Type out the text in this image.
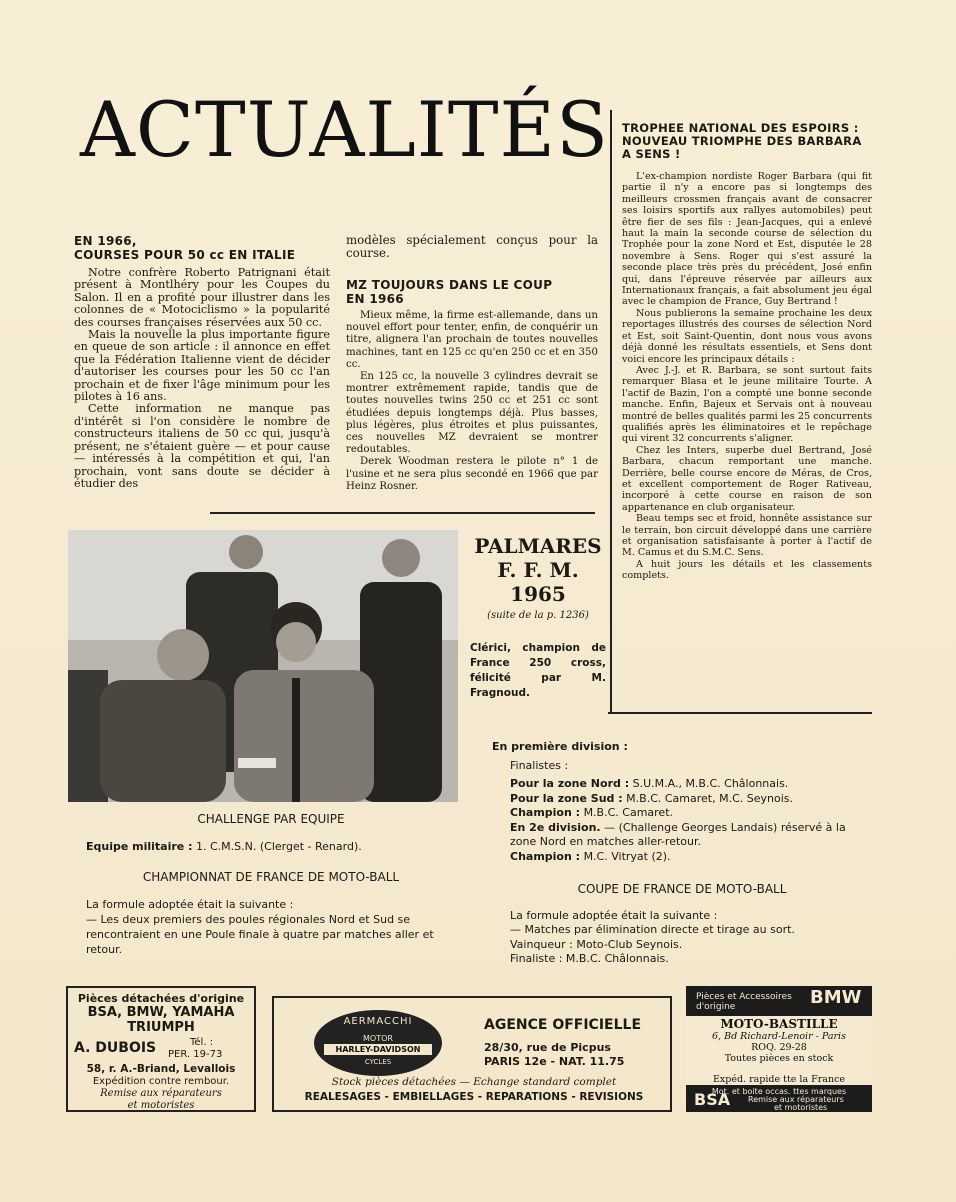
ACTUALITÉS
EN 1966,
COURSES POUR 50 cc EN ITALIE

Notre confrère Roberto Patrignani était présent à Montlhéry pour les Coupes du Salon. Il en a profité pour illustrer dans les colonnes de « Motociclismo » la popularité des courses françaises réservées aux 50 cc.

Mais la nouvelle la plus importante figure en queue de son article : il annonce en effet que la Fédération Italienne vient de décider d'autoriser les courses pour les 50 cc l'an prochain et de fixer l'âge minimum pour les pilotes à 16 ans.

Cette information ne manque pas d'intérêt si l'on considère le nombre de constructeurs italiens de 50 cc qui, jusqu'à présent, ne s'étaient guère — et pour cause — intéressés à la compétition et qui, l'an prochain, vont sans doute se décider à étudier des

modèles spécialement conçus pour la course.
MZ TOUJOURS DANS LE COUP
EN 1966

Mieux même, la firme est-allemande, dans un nouvel effort pour tenter, enfin, de conquérir un titre, alignera l'an prochain de toutes nouvelles machines, tant en 125 cc qu'en 250 cc et en 350 cc.

En 125 cc, la nouvelle 3 cylindres devrait se montrer extrêmement rapide, tandis que de toutes nouvelles twins 250 cc et 251 cc sont étudiées depuis longtemps déjà. Plus basses, plus légères, plus étroites et plus puissantes, ces nouvelles MZ devraient se montrer redoutables.

Derek Woodman restera le pilote n° 1 de l'usine et ne sera plus secondé en 1966 que par Heinz Rosner.

TROPHEE NATIONAL DES ESPOIRS :
NOUVEAU TRIOMPHE DES BARBARA
A SENS !

L'ex-champion nordiste Roger Barbara (qui fit partie il n'y a encore pas si longtemps des meilleurs crossmen français avant de consacrer ses loisirs sportifs aux rallyes automobiles) peut être fier de ses fils : Jean-Jacques, qui a enlevé haut la main la seconde course de sélection du Trophée pour la zone Nord et Est, disputée le 28 novembre à Sens. Roger qui s'est assuré la seconde place très près du précédent, José enfin qui, dans l'épreuve réservée par ailleurs aux Internationaux français, a fait absolument jeu égal avec le champion de France, Guy Bertrand !

Nous publierons la semaine prochaine les deux reportages illustrés des courses de sélection Nord et Est, soit Saint-Quentin, dont nous vous avons déjà donné les résultats essentiels, et Sens dont voici encore les principaux détails :

Avec J.-J. et R. Barbara, se sont surtout faits remarquer Blasa et le jeune militaire Tourte. A l'actif de Bazin, l'on a compté une bonne seconde manche. Enfin, Bajeux et Servais ont à nouveau montré de belles qualités parmi les 25 concurrents qualifiés après les éliminatoires et le repêchage qui virent 32 concurrents s'aligner.

Chez les Inters, superbe duel Bertrand, José Barbara, chacun remportant une manche. Derrière, belle course encore de Méras, de Cros, et excellent comportement de Roger Rativeau, incorporé à cette course en raison de son appartenance en club organisateur.

Beau temps sec et froid, honnête assistance sur le terrain, bon circuit développé dans une carrière et organisation satisfaisante à porter à l'actif de M. Camus et du S.M.C. Sens.

A huit jours les détails et les classements complets.

PALMARES
F. F. M.
1965
(suite de la p. 1236)
Clérici, champion de France 250 cross, félicité par M. Fragnoud.
CHALLENGE PAR EQUIPE
Equipe militaire : 1. C.M.S.N. (Clerget - Renard).
CHAMPIONNAT DE FRANCE DE MOTO-BALL
La formule adoptée était la suivante :
— Les deux premiers des poules régionales Nord et Sud se rencontraient en une Poule finale à quatre par matches aller et retour.
En première division :
Finalistes :
Pour la zone Nord : S.U.M.A., M.B.C. Châlonnais.
Pour la zone Sud : M.B.C. Camaret, M.C. Seynois.
Champion : M.B.C. Camaret.
En 2e division. — (Challenge Georges Landais) réservé à la zone Nord en matches aller-retour.
Champion : M.C. Vitryat (2).
COUPE DE FRANCE DE MOTO-BALL
La formule adoptée était la suivante :
— Matches par élimination directe et tirage au sort.
Vainqueur : Moto-Club Seynois.
Finaliste : M.B.C. Châlonnais.
Pièces détachées d'origine
BSA, BMW, YAMAHA
TRIUMPH
A. DUBOIS	Tél. :
PER. 19-73
58, r. A.-Briand, Levallois
Expédition contre rembour.
Remise aux réparateurs
et motoristes
AERMACCHI
MOTOR
HARLEY-DAVIDSON
CYCLES
AGENCE OFFICIELLE
28/30, rue de Picpus
PARIS 12e - NAT. 11.75
Stock pièces détachées — Echange standard complet
REALESAGES - EMBIELLAGES - REPARATIONS - REVISIONS
Pièces et Accessoires
d'origine	BMW
MOTO-BASTILLE
6, Bd Richard-Lenoir - Paris
ROQ. 29-28
Toutes pièces en stock
Expéd. rapide tte la France
Mot. et boite occas. ttes marques
BSA Remise aux réparateurs
et motoristes
